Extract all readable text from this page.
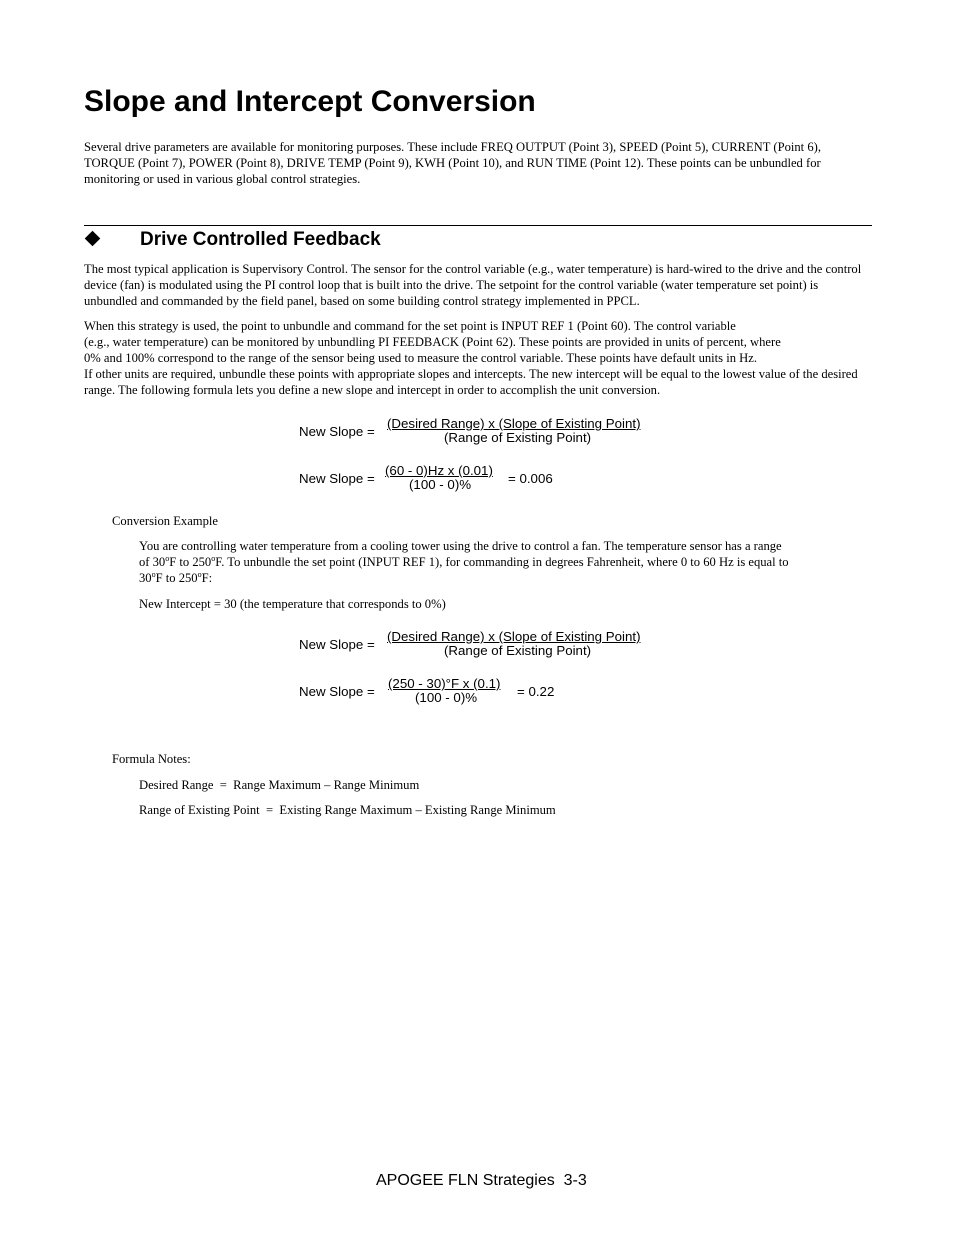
Slope and Intercept Conversion

Several drive parameters are available for monitoring purposes. These include FREQ OUTPUT (Point 3), SPEED (Point 5), CURRENT (Point 6), TORQUE (Point 7), POWER (Point 8), DRIVE TEMP (Point 9), KWH (Point 10), and RUN TIME (Point 12). These points can be unbundled for monitoring or used in various global control strategies.

Drive Controlled Feedback

The most typical application is Supervisory Control. The sensor for the control variable (e.g., water temperature) is hard-wired to the drive and the control device (fan) is modulated using the PI control loop that is built into the drive. The setpoint for the control variable (water temperature set point) is unbundled and commanded by the field panel, based on some building control strategy implemented in PPCL.

When this strategy is used, the point to unbundle and command for the set point is INPUT REF 1 (Point 60). The control variable
(e.g., water temperature) can be monitored by unbundling PI FEEDBACK (Point 62). These points are provided in units of percent, where
0% and 100% correspond to the range of the sensor being used to measure the control variable. These points have default units in Hz.
If other units are required, unbundle these points with appropriate slopes and intercepts. The new intercept will be equal to the lowest value of the desired range. The following formula lets you define a new slope and intercept in order to accomplish the unit conversion.
New Slope =
(Desired Range) x (Slope of Existing Point)
(Range of Existing Point)
New Slope =
(60 - 0)Hz x (0.01)
(100 - 0)%	= 0.006
Conversion Example
You are controlling water temperature from a cooling tower using the drive to control a fan. The temperature sensor has a range
of 30$^o$F to 250$^o$F. To unbundle the set point (INPUT REF 1), for commanding in degrees Fahrenheit, where 0 to 60 Hz is equal to
30$^o$F to 250$^o$F:
New Intercept = 30 (the temperature that corresponds to 0%)
New Slope =
(Desired Range) x (Slope of Existing Point)
(Range of Existing Point)
New Slope =
(250 - 30)°F x (0.1)
(100 - 0)%	= 0.22
Formula Notes:
Desired Range  =  Range Maximum – Range Minimum
Range of Existing Point  =  Existing Range Maximum – Existing Range Minimum
APOGEE FLN Strategies  3-3
